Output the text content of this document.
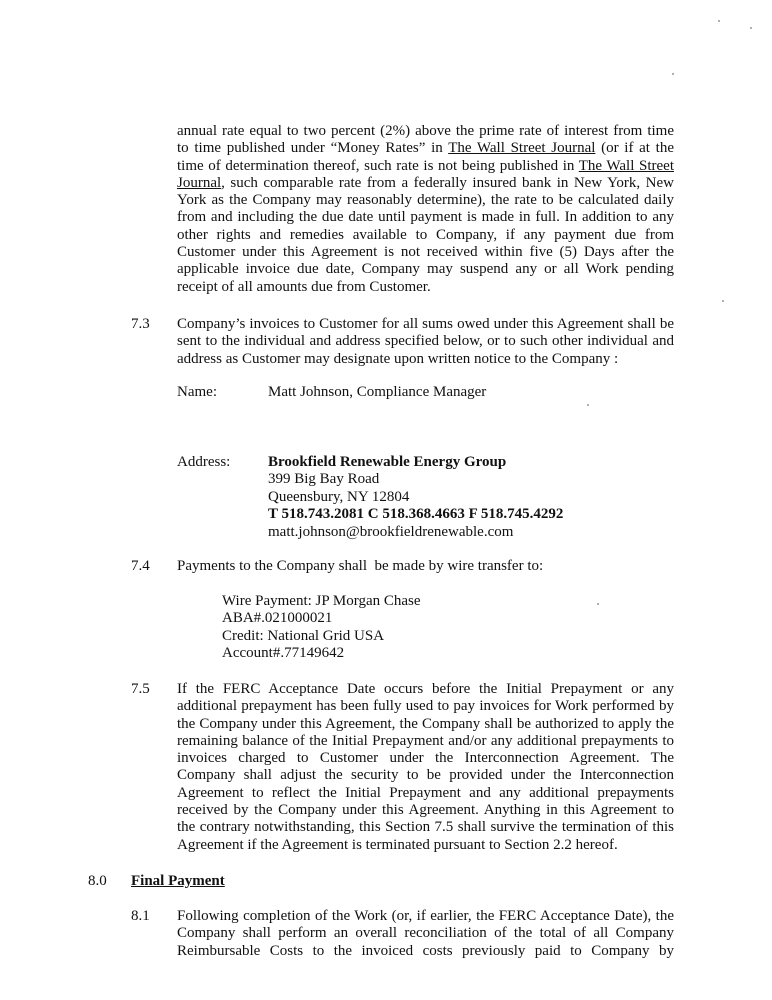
annual rate equal to two percent (2%) above the prime rate of interest from time
to time published under “Money Rates” in The Wall Street Journal (or if at the
time of determination thereof, such rate is not being published in The Wall Street
Journal, such comparable rate from a federally insured bank in New York, New
York as the Company may reasonably determine), the rate to be calculated daily
from and including the due date until payment is made in full. In addition to any
other rights and remedies available to Company, if any payment due from
Customer under this Agreement is not received within five (5) Days after the
applicable invoice due date, Company may suspend any or all Work pending
receipt of all amounts due from Customer.
7.3 Company’s invoices to Customer for all sums owed under this Agreement shall be
sent to the individual and address specified below, or to such other individual and
address as Customer may designate upon written notice to the Company :
Name:	Matt Johnson, Compliance Manager
Address:	Brookfield Renewable Energy Group
399 Big Bay Road
Queensbury, NY 12804
T 518.743.2081 C 518.368.4663 F 518.745.4292
matt.johnson@brookfieldrenewable.com
7.4 Payments to the Company shall  be made by wire transfer to:
Wire Payment: JP Morgan Chase
ABA#.021000021
Credit: National Grid USA
Account#.77149642
7.5 If the FERC Acceptance Date occurs before the Initial Prepayment or any
additional prepayment has been fully used to pay invoices for Work performed by
the Company under this Agreement, the Company shall be authorized to apply the
remaining balance of the Initial Prepayment and/or any additional prepayments to
invoices charged to Customer under the Interconnection Agreement. The
Company shall adjust the security to be provided under the Interconnection
Agreement to reflect the Initial Prepayment and any additional prepayments
received by the Company under this Agreement. Anything in this Agreement to
the contrary notwithstanding, this Section 7.5 shall survive the termination of this
Agreement if the Agreement is terminated pursuant to Section 2.2 hereof.
8.0 Final Payment
8.1 Following completion of the Work (or, if earlier, the FERC Acceptance Date), the
Company shall perform an overall reconciliation of the total of all Company
Reimbursable Costs to the invoiced costs previously paid to Company by
